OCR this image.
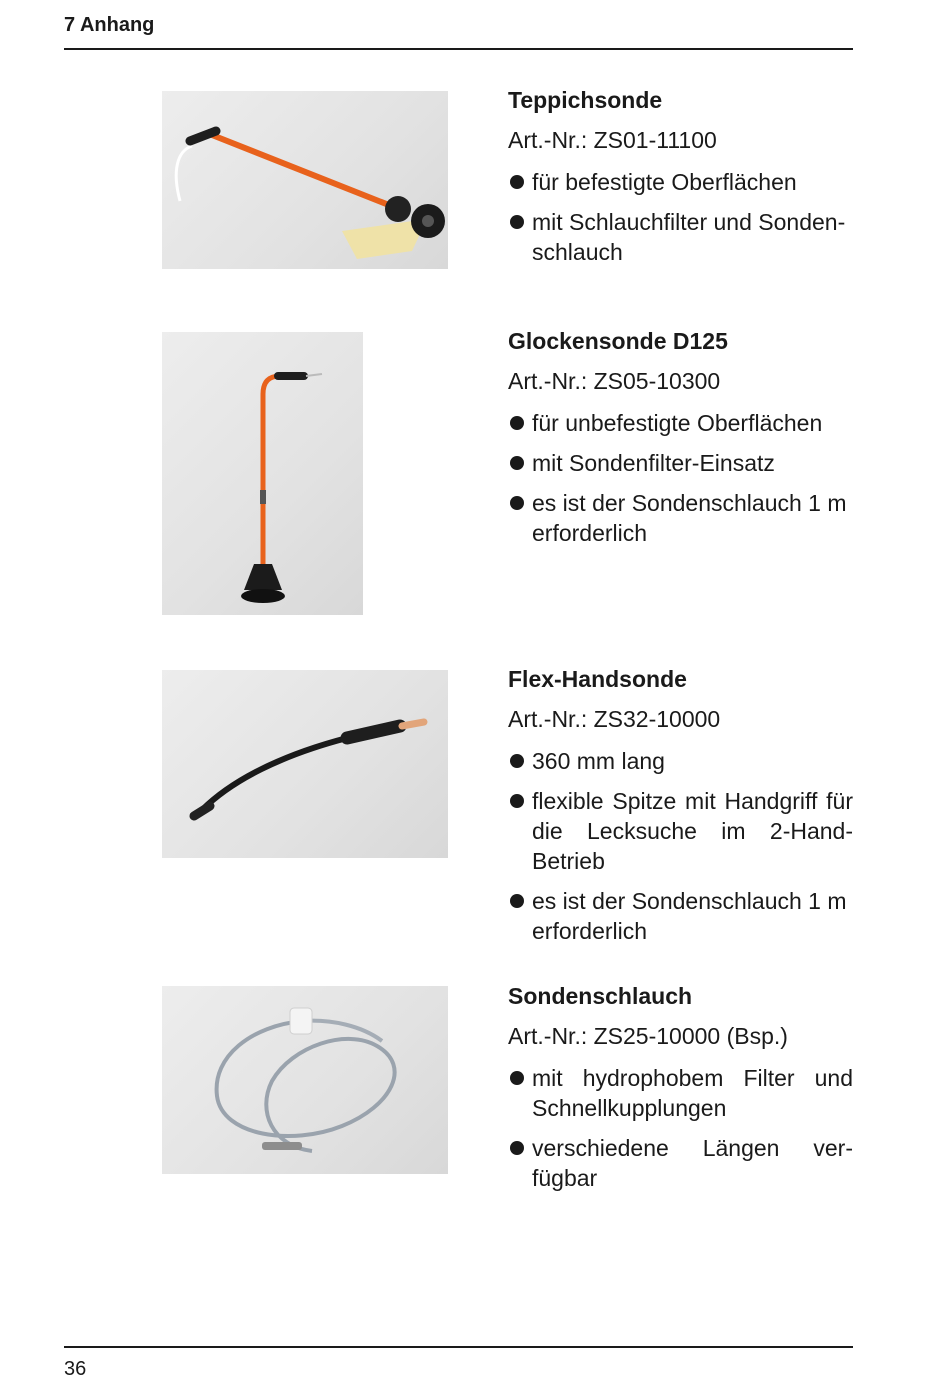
7 Anhang
Teppichsonde
Art.-Nr.: ZS01-11100
für befestigte Oberflächen
mit Schlauchfilter und Sonden-schlauch
Glockensonde D125
Art.-Nr.: ZS05-10300
für unbefestigte Oberflächen
mit Sondenfilter-Einsatz
es ist der Sondenschlauch 1 m erforderlich
Flex-Handsonde
Art.-Nr.: ZS32-10000
360 mm lang
flexible Spitze mit Handgriff für die Lecksuche im 2-Hand-Betrieb
es ist der Sondenschlauch 1 m erforderlich
Sondenschlauch
Art.-Nr.: ZS25-10000 (Bsp.)
mit hydrophobem Filter und Schnellkupplungen
verschiedene Längen ver-fügbar
36
